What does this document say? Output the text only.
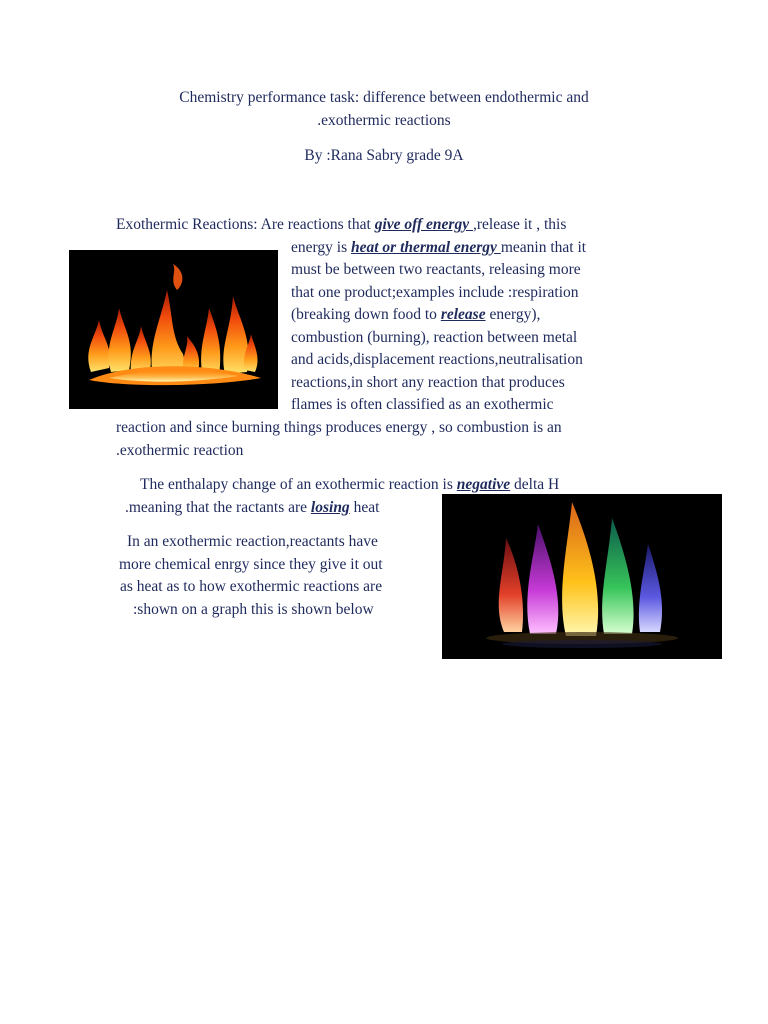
Chemistry performance task: difference between endothermic and
.exothermic reactions
By :Rana Sabry grade 9A
Exothermic Reactions: Are reactions that give off energy ,release it , this
energy is heat or thermal energy meanin that it
must be between two reactants, releasing more
that one product;examples include :respiration
(breaking down food to release energy),
combustion (burning), reaction between metal
and acids,displacement reactions,neutralisation
reactions,in short any reaction that produces
flames is often classified as an exothermic
reaction and since burning things produces energy , so combustion is an
.exothermic reaction
The enthalapy change of an exothermic reaction is negative delta H
.meaning that the ractants are losing heat
In an exothermic reaction,reactants have
more chemical enrgy since they give it out
as heat as to how exothermic reactions are
:shown on a graph this is shown below
